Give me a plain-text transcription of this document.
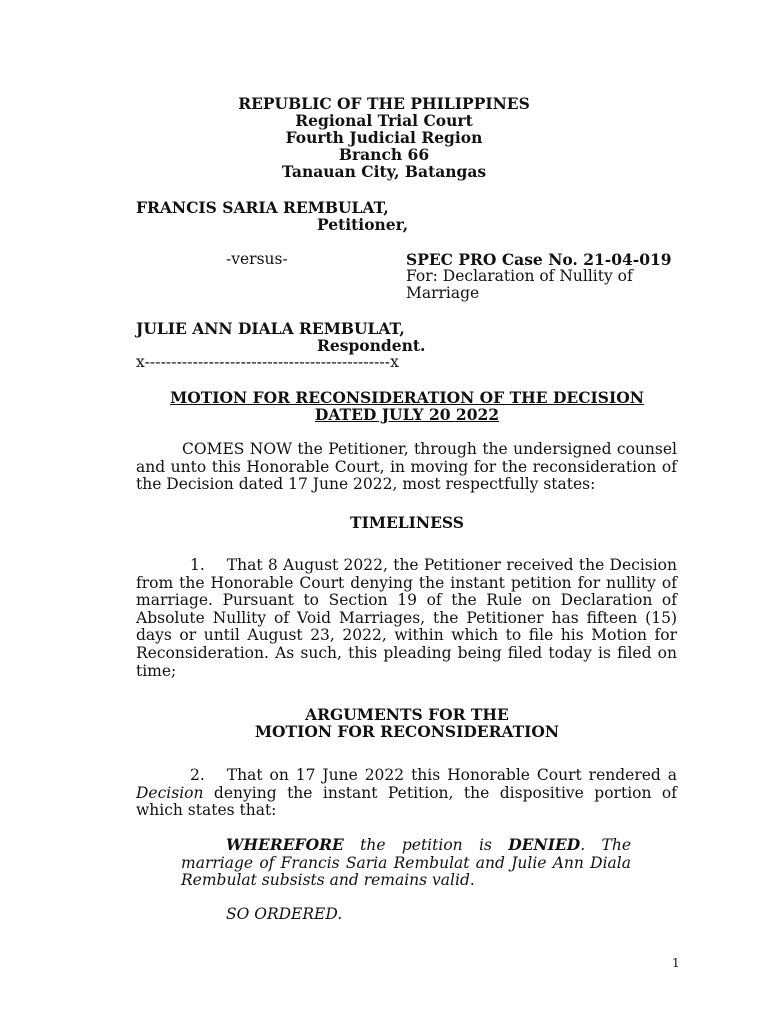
REPUBLIC OF THE PHILIPPINES
Regional Trial Court
Fourth Judicial Region
Branch 66
Tanauan City, Batangas
FRANCIS SARIA REMBULAT,
Petitioner,
-versus-	SPEC PRO Case No. 21-04-019
For: Declaration of Nullity of
Marriage
JULIE ANN DIALA REMBULAT,
Respondent.
x----------------------------------------------x
MOTION FOR RECONSIDERATION OF THE DECISION
DATED JULY 20 2022
COMES NOW the Petitioner, through the undersigned counsel and unto this Honorable Court, in moving for the reconsideration of the Decision dated 17 June 2022, most respectfully states:
TIMELINESS
1. That 8 August 2022, the Petitioner received the Decision from the Honorable Court denying the instant petition for nullity of marriage. Pursuant to Section 19 of the Rule on Declaration of Absolute Nullity of Void Marriages, the Petitioner has fifteen (15) days or until August 23, 2022, within which to file his Motion for Reconsideration. As such, this pleading being filed today is filed on time;
ARGUMENTS FOR THE
MOTION FOR RECONSIDERATION
2. That on 17 June 2022 this Honorable Court rendered a Decision denying the instant Petition, the dispositive portion of which states that:
WHEREFORE the petition is DENIED. The marriage of Francis Saria Rembulat and Julie Ann Diala Rembulat subsists and remains valid.
SO ORDERED.
1
